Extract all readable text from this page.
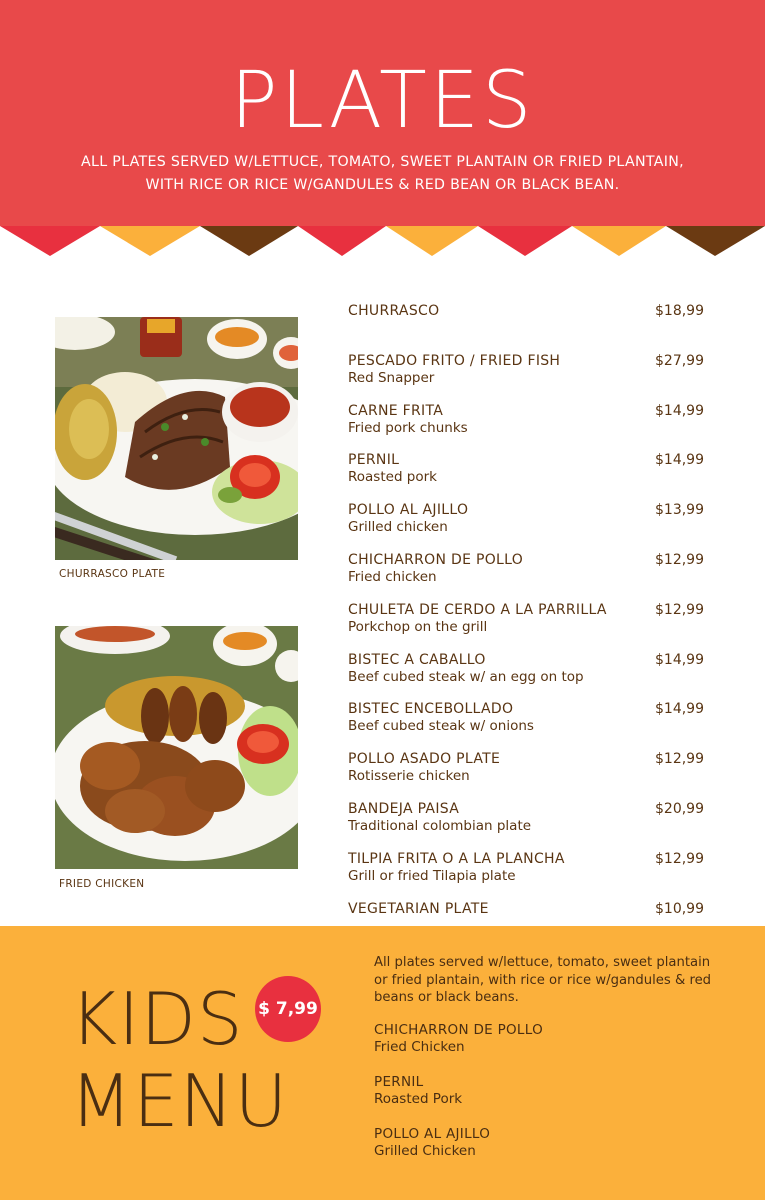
PLATES
ALL PLATES SERVED W/LETTUCE, TOMATO, SWEET PLANTAIN OR FRIED PLANTAIN, WITH RICE OR RICE W/GANDULES & RED BEAN OR BLACK BEAN.
CHURRASCO PLATE
FRIED CHICKEN
CHURRASCO	$18,99
PESCADO FRITO / FRIED FISH
Red Snapper
$27,99
CARNE FRITA
Fried pork chunks
$14,99
PERNIL
Roasted pork
$14,99
POLLO AL AJILLO
Grilled chicken
$13,99
CHICHARRON DE POLLO
Fried chicken
$12,99
CHULETA DE CERDO A LA PARRILLA
Porkchop on the grill
$12,99
BISTEC A CABALLO
Beef cubed steak w/ an egg on top
$14,99
BISTEC ENCEBOLLADO
Beef cubed steak w/ onions
$14,99
POLLO ASADO PLATE
Rotisserie chicken
$12,99
BANDEJA PAISA
Traditional colombian plate
$20,99
TILPIA FRITA O A LA PLANCHA
Grill or fried Tilapia plate
$12,99
VEGETARIAN PLATE	$10,99
KIDS
MENU
$ 7,99
All plates served w/lettuce, tomato, sweet plantain or fried plantain, with rice or rice w/gandules & red beans or black beans.
CHICHARRON DE POLLO
Fried Chicken
PERNIL
Roasted Pork
POLLO AL AJILLO
Grilled Chicken
